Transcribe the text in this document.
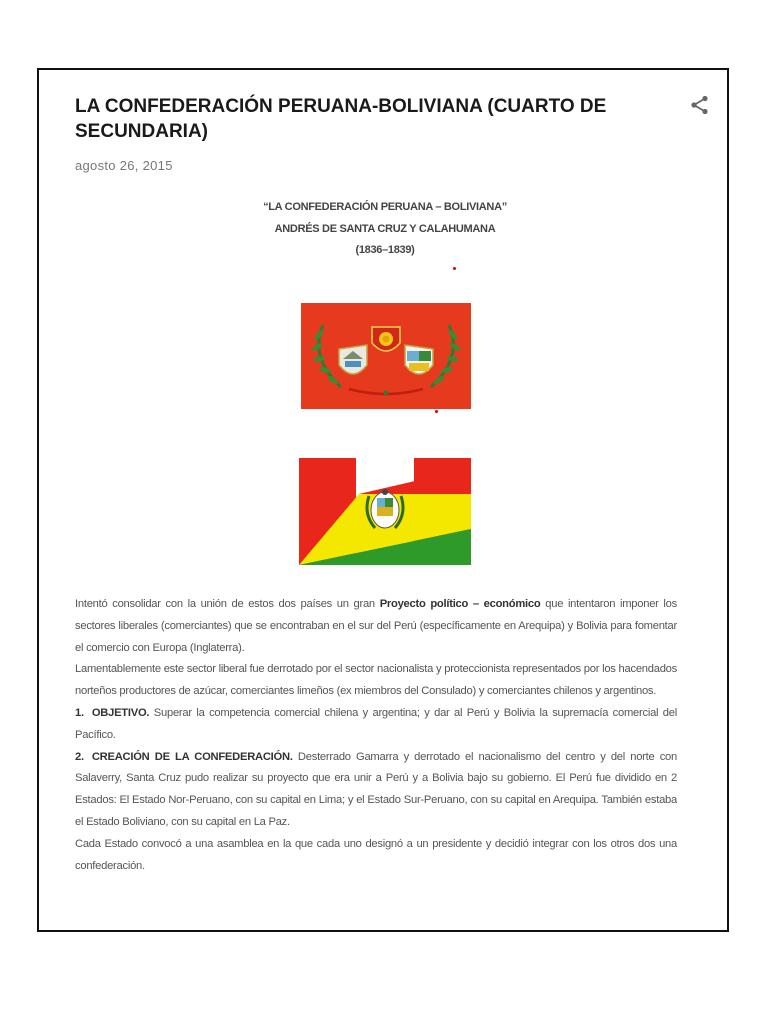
LA CONFEDERACIÓN PERUANA-BOLIVIANA (CUARTO DE SECUNDARIA)
agosto 26, 2015
“LA CONFEDERACIÓN PERUANA – BOLIVIANA”
ANDRÉS DE SANTA CRUZ Y CALAHUMANA
(1836–1839)

Intentó consolidar con la unión de estos dos países un gran Proyecto político – económico que intentaron imponer los sectores liberales (comerciantes) que se encontraban en el sur del Perú (específicamente en Arequipa) y Bolivia para fomentar el comercio con Europa (Inglaterra).

Lamentablemente este sector liberal fue derrotado por el sector nacionalista y proteccionista representados por los hacendados norteños productores de azúcar, comerciantes limeños (ex miembros del Consulado) y comerciantes chilenos y argentinos.

1. OBJETIVO. Superar la competencia comercial chilena y argentina; y dar al Perú y Bolivia la supremacía comercial del Pacífico.

2. CREACIÓN DE LA CONFEDERACIÓN. Desterrado Gamarra y derrotado el nacionalismo del centro y del norte con Salaverry, Santa Cruz pudo realizar su proyecto que era unir a Perú y a Bolivia bajo su gobierno. El Perú fue dividido en 2 Estados: El Estado Nor-Peruano, con su capital en Lima; y el Estado Sur-Peruano, con su capital en Arequipa. También estaba el Estado Boliviano, con su capital en La Paz.

Cada Estado convocó a una asamblea en la que cada uno designó a un presidente y decidió integrar con los otros dos una confederación.
